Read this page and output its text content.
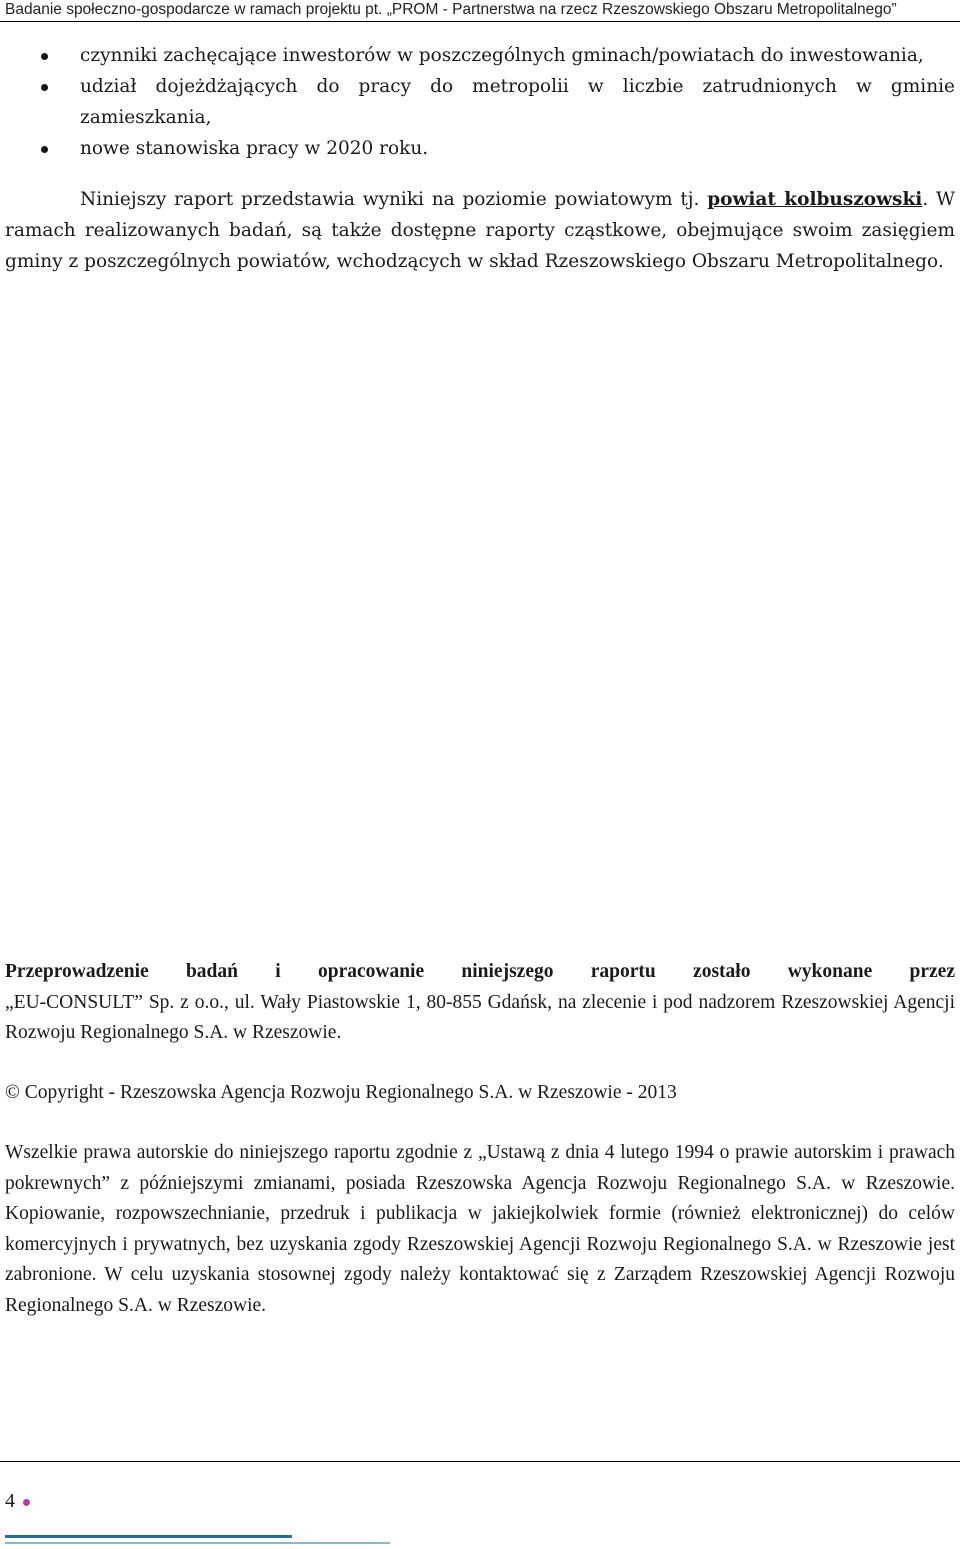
Badanie społeczno-gospodarcze w ramach projektu pt. „PROM - Partnerstwa na rzecz Rzeszowskiego Obszaru Metropolitalnego”
czynniki zachęcające inwestorów w poszczególnych gminach/powiatach do inwestowania,
udział dojeżdżających do pracy do metropolii w liczbie zatrudnionych w gminie zamieszkania,
nowe stanowiska pracy w 2020 roku.

Niniejszy raport przedstawia wyniki na poziomie powiatowym tj. powiat kolbuszowski. W ramach realizowanych badań, są także dostępne raporty cząstkowe, obejmujące swoim zasięgiem gminy z poszczególnych powiatów, wchodzących w skład Rzeszowskiego Obszaru Metropolitalnego.

Przeprowadzenie badań i opracowanie niniejszego raportu zostało wykonane przez
„EU-CONSULT” Sp. z o.o., ul. Wały Piastowskie 1, 80-855 Gdańsk, na zlecenie i pod nadzorem Rzeszowskiej Agencji Rozwoju Regionalnego S.A. w Rzeszowie.

© Copyright - Rzeszowska Agencja Rozwoju Regionalnego S.A. w Rzeszowie - 2013

Wszelkie prawa autorskie do niniejszego raportu zgodnie z „Ustawą z dnia 4 lutego 1994 o prawie autorskim i prawach pokrewnych” z późniejszymi zmianami, posiada Rzeszowska Agencja Rozwoju Regionalnego S.A. w Rzeszowie. Kopiowanie, rozpowszechnianie, przedruk i publikacja w jakiejkolwiek formie (również elektronicznej) do celów komercyjnych i prywatnych, bez uzyskania zgody Rzeszowskiej Agencji Rozwoju Regionalnego S.A. w Rzeszowie jest zabronione. W celu uzyskania stosownej zgody należy kontaktować się z Zarządem Rzeszowskiej Agencji Rozwoju Regionalnego S.A. w Rzeszowie.

4
